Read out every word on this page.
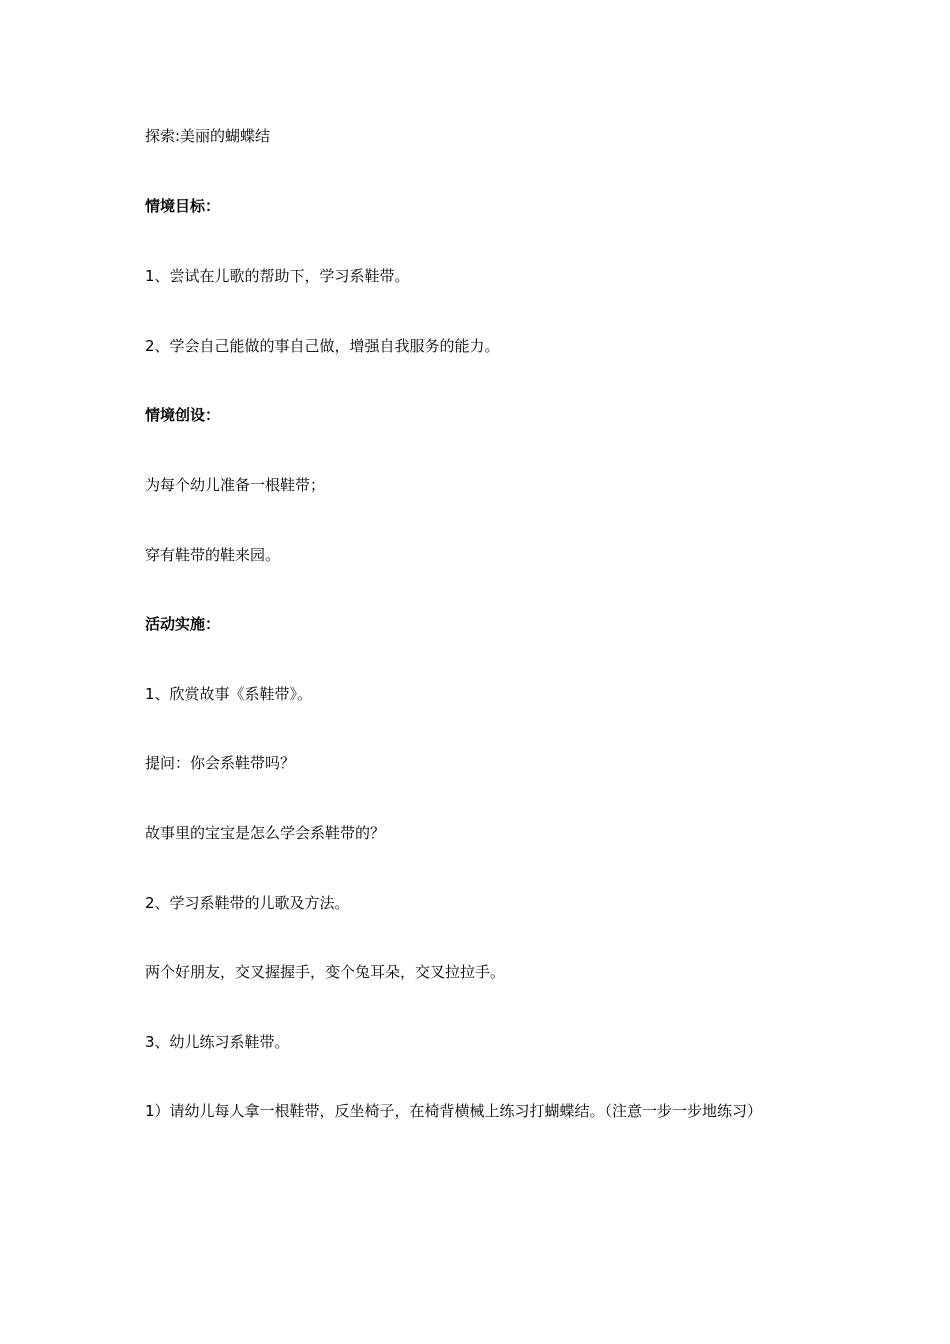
探索:美丽的蝴蝶结
情境目标：
1、尝试在儿歌的帮助下，学习系鞋带。
2、学会自己能做的事自己做，增强自我服务的能力。
情境创设：
为每个幼儿准备一根鞋带；
穿有鞋带的鞋来园。
活动实施：
1、欣赏故事《系鞋带》。
提问：你会系鞋带吗？
故事里的宝宝是怎么学会系鞋带的？
2、学习系鞋带的儿歌及方法。
两个好朋友，交叉握握手，变个兔耳朵，交叉拉拉手。
3、幼儿练习系鞋带。
1）请幼儿每人拿一根鞋带，反坐椅子，在椅背横械上练习打蝴蝶结。（注意一步一步地练习）
